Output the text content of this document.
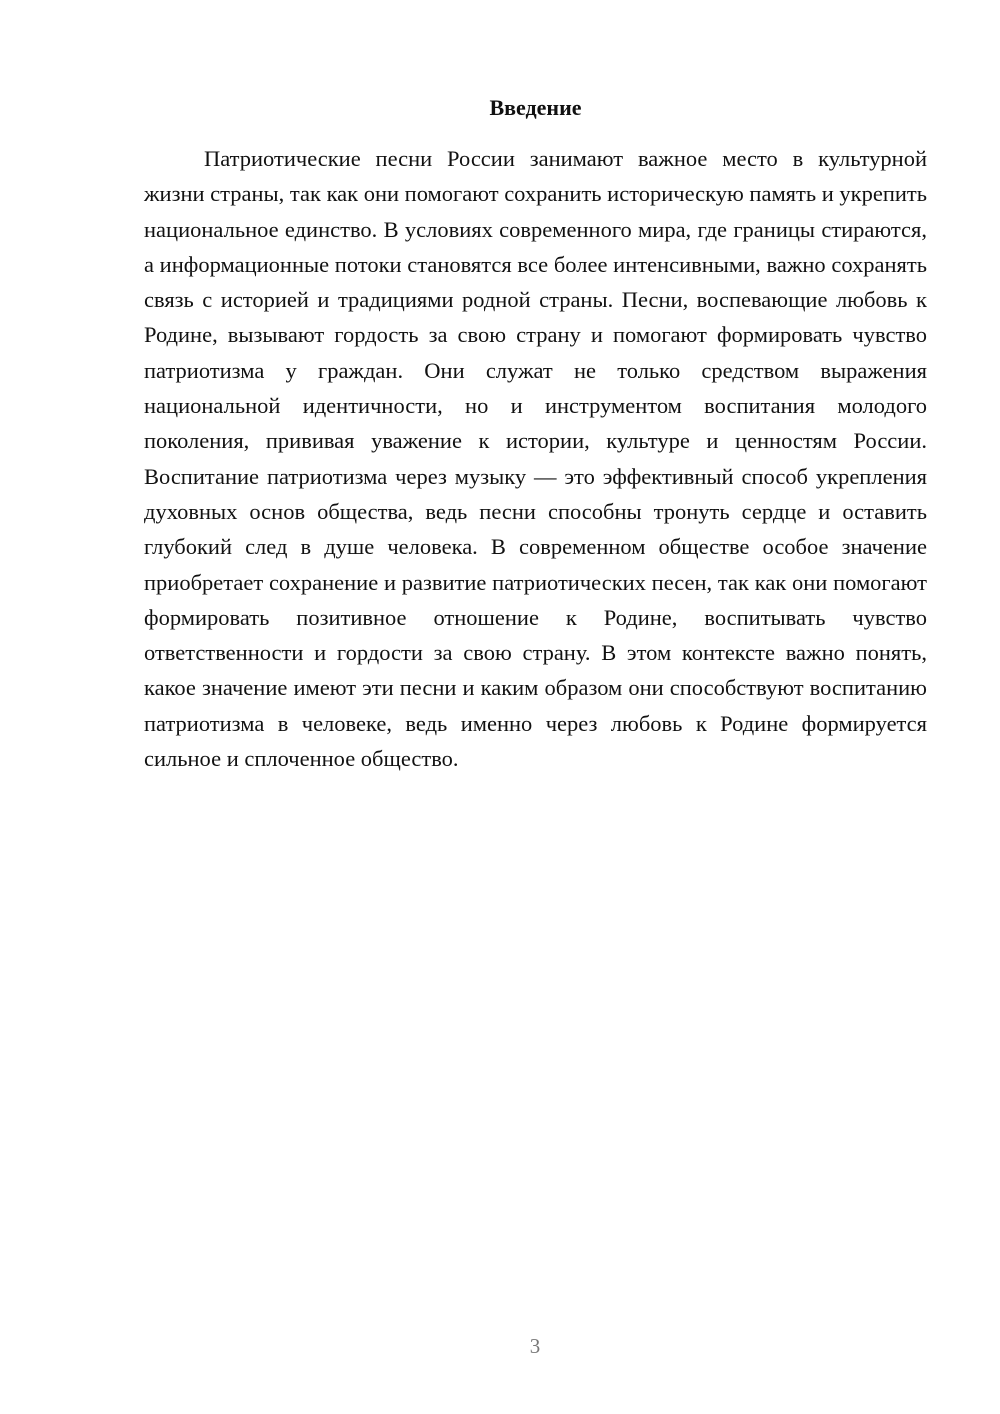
Введение

Патриотические песни России занимают важное место в культурной жизни страны, так как они помогают сохранить историческую память и укрепить национальное единство. В условиях современного мира, где границы стираются, а информационные потоки становятся все более интенсивными, важно сохранять связь с историей и традициями родной страны. Песни, воспевающие любовь к Родине, вызывают гордость за свою страну и помогают формировать чувство патриотизма у граждан. Они служат не только средством выражения национальной идентичности, но и инструментом воспитания молодого поколения, прививая уважение к истории, культуре и ценностям России. Воспитание патриотизма через музыку — это эффективный способ укрепления духовных основ общества, ведь песни способны тронуть сердце и оставить глубокий след в душе человека. В современном обществе особое значение приобретает сохранение и развитие патриотических песен, так как они помогают формировать позитивное отношение к Родине, воспитывать чувство ответственности и гордости за свою страну. В этом контексте важно понять, какое значение имеют эти песни и каким образом они способствуют воспитанию патриотизма в человеке, ведь именно через любовь к Родине формируется сильное и сплоченное общество.

3
